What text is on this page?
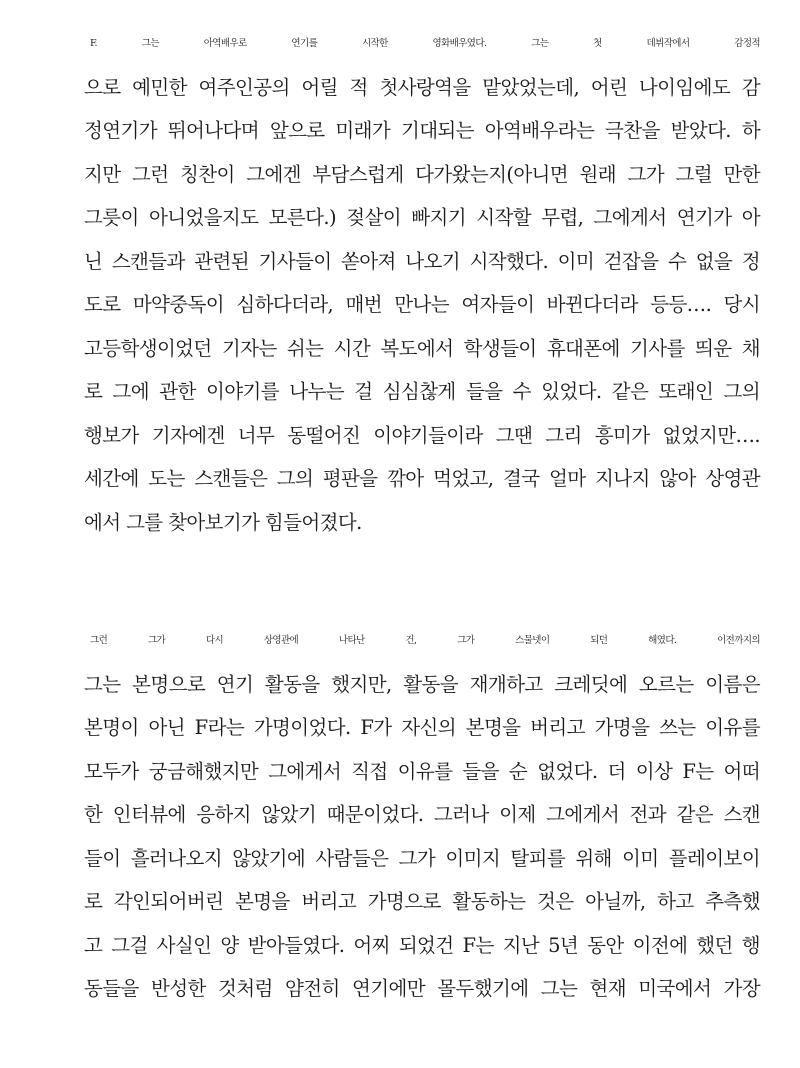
F. 그는 아역배우로 연기를 시작한 영화배우였다. 그는 첫 데뷔작에서 감정적
으로 예민한 여주인공의 어릴 적 첫사랑역을 맡았었는데, 어린 나이임에도 감
정연기가 뛰어나다며 앞으로 미래가 기대되는 아역배우라는 극찬을 받았다. 하
지만 그런 칭찬이 그에겐 부담스럽게 다가왔는지(아니면 원래 그가 그럴 만한
그릇이 아니었을지도 모른다.) 젖살이 빠지기 시작할 무렵, 그에게서 연기가 아
닌 스캔들과 관련된 기사들이 쏟아져 나오기 시작했다. 이미 걷잡을 수 없을 정
도로 마약중독이 심하다더라, 매번 만나는 여자들이 바뀐다더라 등등…. 당시
고등학생이었던 기자는 쉬는 시간 복도에서 학생들이 휴대폰에 기사를 띄운 채
로 그에 관한 이야기를 나누는 걸 심심찮게 들을 수 있었다. 같은 또래인 그의
행보가 기자에겐 너무 동떨어진 이야기들이라 그땐 그리 흥미가 없었지만….
세간에 도는 스캔들은 그의 평판을 깎아 먹었고, 결국 얼마 지나지 않아 상영관
에서 그를 찾아보기가 힘들어졌다.
그런 그가 다시 상영관에 나타난 건, 그가 스물넷이 되던 해였다. 이전까지의
그는 본명으로 연기 활동을 했지만, 활동을 재개하고 크레딧에 오르는 이름은
본명이 아닌 F라는 가명이었다. F가 자신의 본명을 버리고 가명을 쓰는 이유를
모두가 궁금해했지만 그에게서 직접 이유를 들을 순 없었다. 더 이상 F는 어떠
한 인터뷰에 응하지 않았기 때문이었다. 그러나 이제 그에게서 전과 같은 스캔
들이 흘러나오지 않았기에 사람들은 그가 이미지 탈피를 위해 이미 플레이보이
로 각인되어버린 본명을 버리고 가명으로 활동하는 것은 아닐까, 하고 추측했
고 그걸 사실인 양 받아들였다. 어찌 되었건 F는 지난 5년 동안 이전에 했던 행
동들을 반성한 것처럼 얌전히 연기에만 몰두했기에 그는 현재 미국에서 가장
